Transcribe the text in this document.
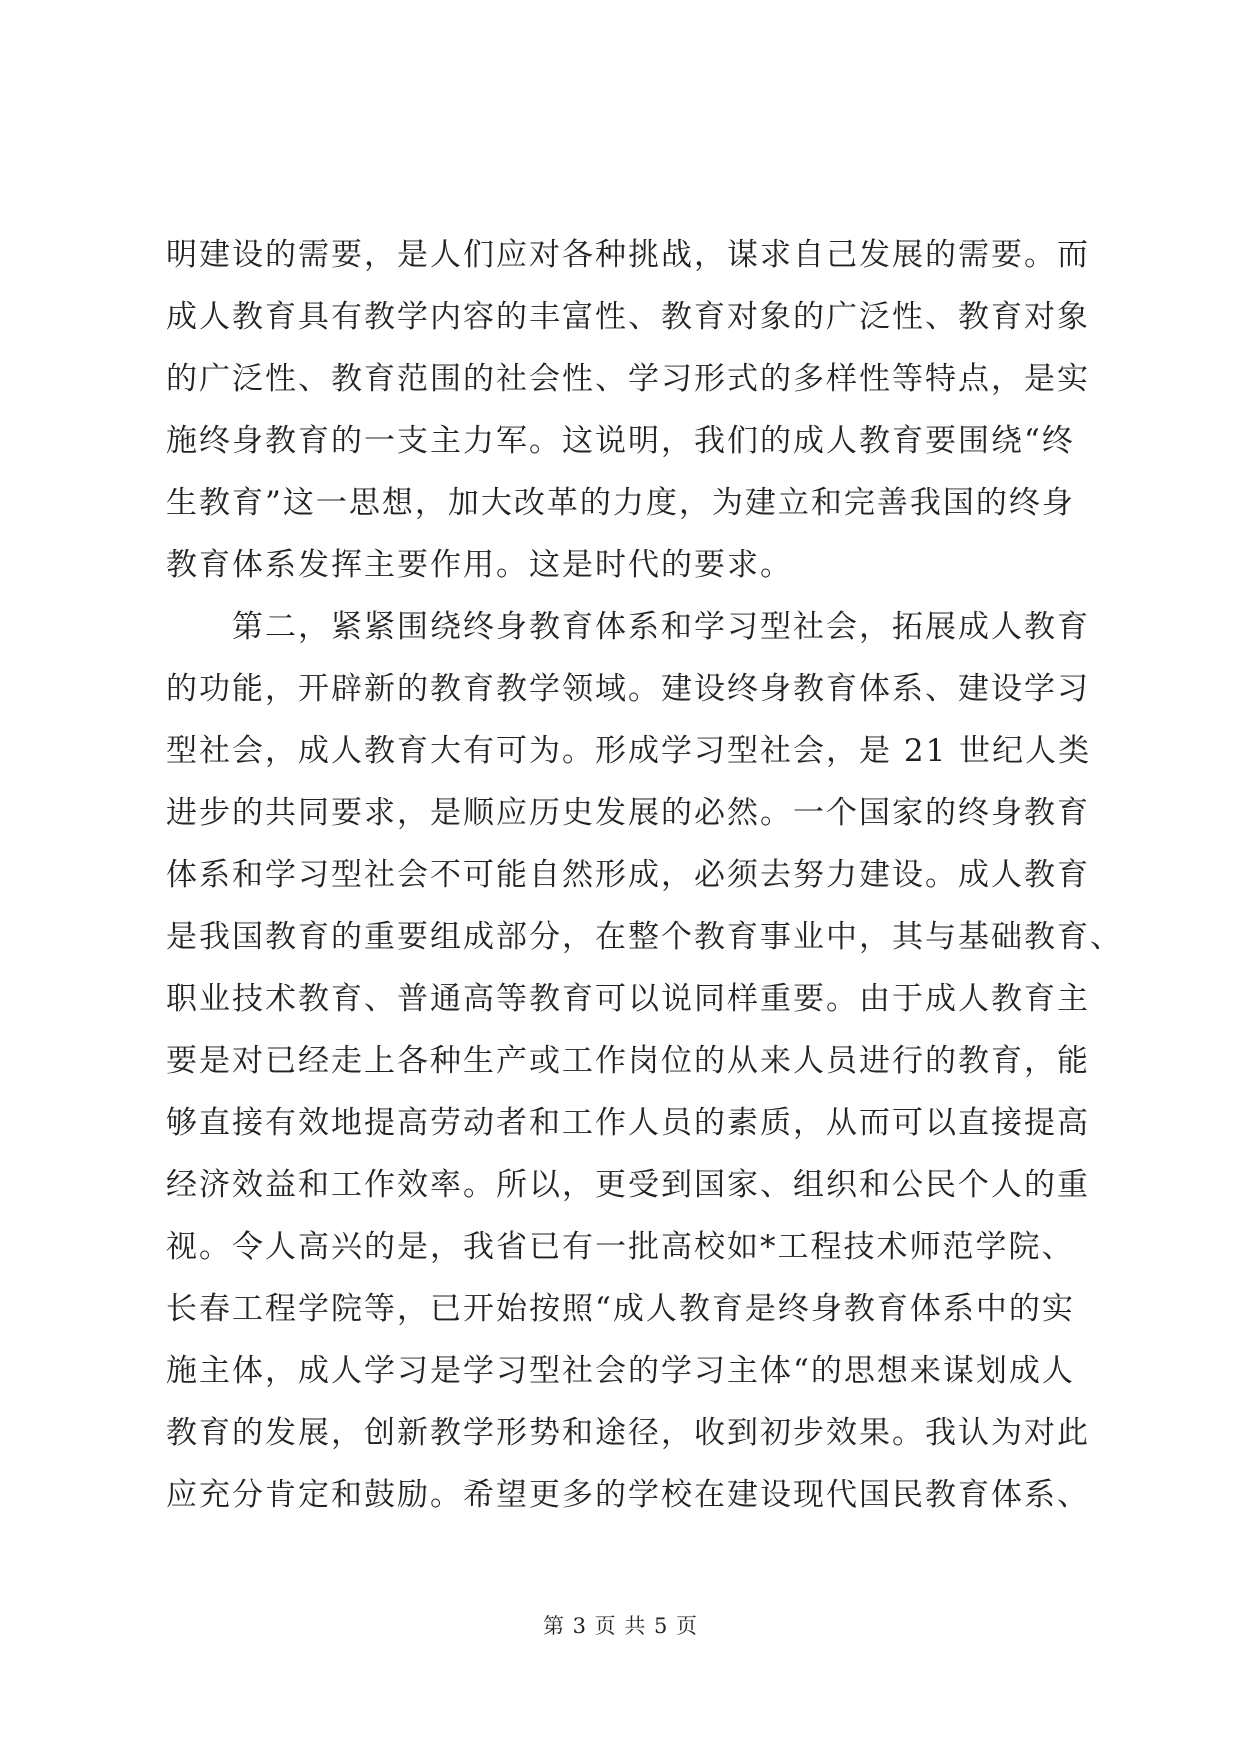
明建设的需要，是人们应对各种挑战，谋求自己发展的需要。而
成人教育具有教学内容的丰富性、教育对象的广泛性、教育对象
的广泛性、教育范围的社会性、学习形式的多样性等特点，是实
施终身教育的一支主力军。这说明，我们的成人教育要围绕“终
生教育”这一思想，加大改革的力度，为建立和完善我国的终身
教育体系发挥主要作用。这是时代的要求。
　　第二，紧紧围绕终身教育体系和学习型社会，拓展成人教育
的功能，开辟新的教育教学领域。建设终身教育体系、建设学习
型社会，成人教育大有可为。形成学习型社会，是 21 世纪人类
进步的共同要求，是顺应历史发展的必然。一个国家的终身教育
体系和学习型社会不可能自然形成，必须去努力建设。成人教育
是我国教育的重要组成部分，在整个教育事业中，其与基础教育、
职业技术教育、普通高等教育可以说同样重要。由于成人教育主
要是对已经走上各种生产或工作岗位的从来人员进行的教育，能
够直接有效地提高劳动者和工作人员的素质，从而可以直接提高
经济效益和工作效率。所以，更受到国家、组织和公民个人的重
视。令人高兴的是，我省已有一批高校如*工程技术师范学院、
长春工程学院等，已开始按照“成人教育是终身教育体系中的实
施主体，成人学习是学习型社会的学习主体“的思想来谋划成人
教育的发展，创新教学形势和途径，收到初步效果。我认为对此
应充分肯定和鼓励。希望更多的学校在建设现代国民教育体系、
第 3 页 共 5 页
